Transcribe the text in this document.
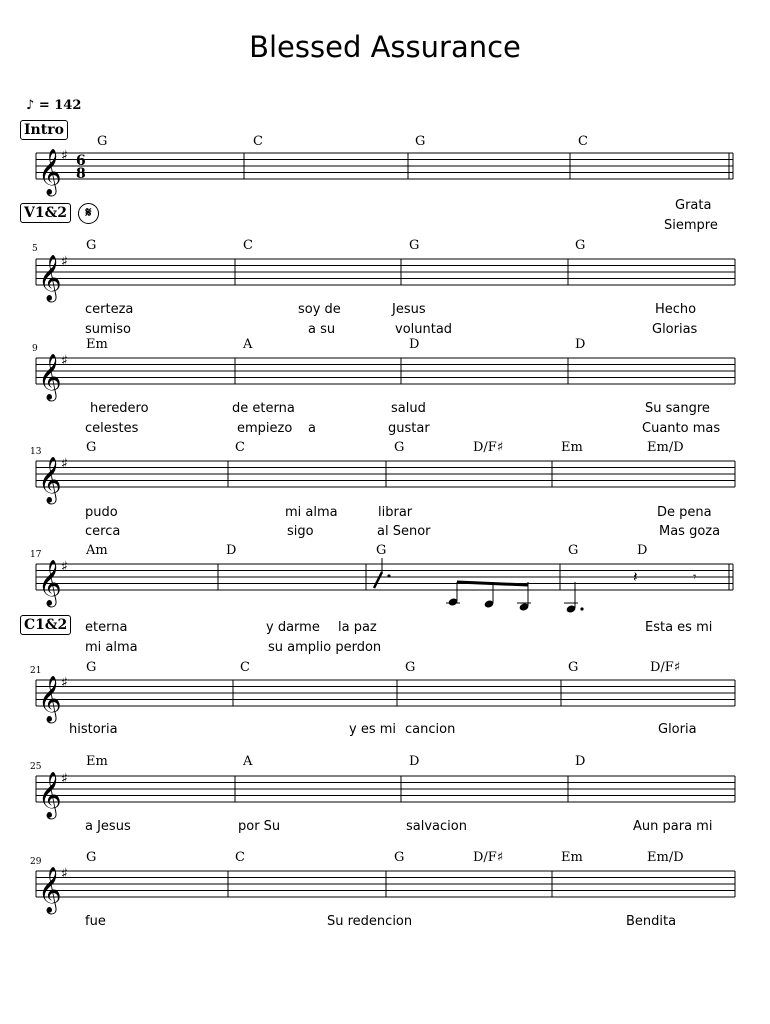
Blessed Assurance
♪ = 142
Intro
V1&2	𝄋
C1&2
𝄞 ♯ 6
8
𝄞 ♯
𝄞 ♯
𝄞 ♯
𝄞 ♯
𝄽	𝄾
𝄞 ♯
𝄞 ♯
𝄞 ♯
5
9
13
17
21
25
29
G	C	G	C
Grata
Siempre
G	C	G	G
certeza	soy de	Jesus	Hecho
sumiso	a su	voluntad	Glorias
Em	A	D	D
heredero	de eterna	salud	Su sangre
celestes	empiezo a	gustar	Cuanto mas
G	C	G	D/F♯	Em	Em/D
pudo	mi alma	librar	De pena
cerca	sigo	al Senor	Mas goza
Am	D	G	G	D
eterna	y darme la paz	Esta es mi
mi alma	su amplio perdon
G	C	G	G	D/F♯
historia	y es mi cancion	Gloria
Em	A	D	D
a Jesus	por Su	salvacion	Aun para mi
G	C	G	D/F♯	Em	Em/D
fue	Su redencion	Bendita
